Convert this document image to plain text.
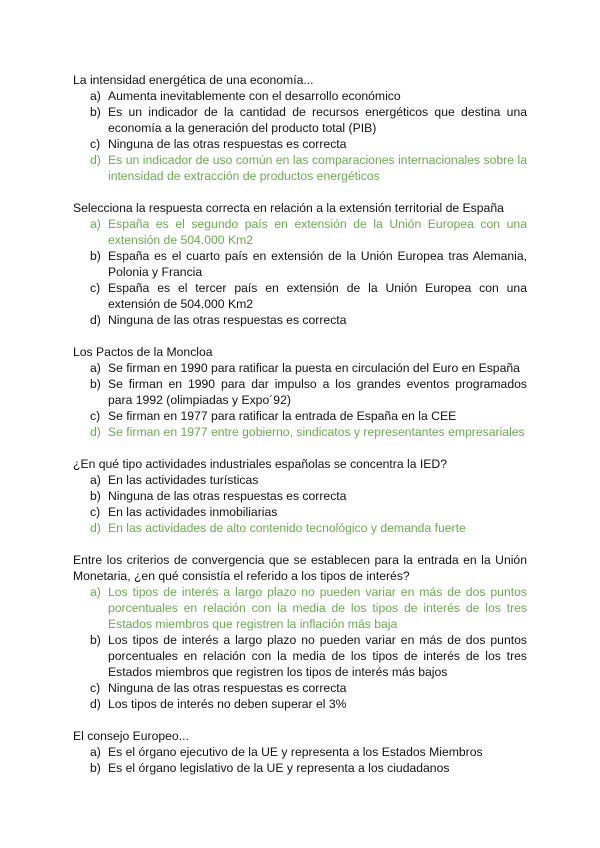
La intensidad energética de una economía...
a) Aumenta inevitablemente con el desarrollo económico
b) Es un indicador de la cantidad de recursos energéticos que destina una economía a la generación del producto total (PIB)
c) Ninguna de las otras respuestas es correcta
d) Es un indicador de uso común en las comparaciones internacionales sobre la intensidad de extracción de productos energéticos
Selecciona la respuesta correcta en relación a la extensión territorial de España
a) España es el segundo país en extensión de la Unión Europea con una extensión de 504.000 Km2
b) España es el cuarto país en extensión de la Unión Europea tras Alemania, Polonia y Francia
c) España es el tercer país en extensión de la Unión Europea con una extensión de 504.000 Km2
d) Ninguna de las otras respuestas es correcta
Los Pactos de la Moncloa
a) Se firman en 1990 para ratificar la puesta en circulación del Euro en España
b) Se firman en 1990 para dar impulso a los grandes eventos programados para 1992 (olimpiadas y Expo´92)
c) Se firman en 1977 para ratificar la entrada de España en la CEE
d) Se firman en 1977 entre gobierno, sindicatos y representantes empresariales
¿En qué tipo actividades industriales españolas se concentra la IED?
a) En las actividades turísticas
b) Ninguna de las otras respuestas es correcta
c) En las actividades inmobiliarias
d) En las actividades de alto contenido tecnológico y demanda fuerte
Entre los criterios de convergencia que se establecen para la entrada en la Unión Monetaria, ¿en qué consistía el referido a los tipos de interés?
a) Los tipos de interés a largo plazo no pueden variar en más de dos puntos porcentuales en relación con la media de los tipos de interés de los tres Estados miembros que registren la inflación más baja
b) Los tipos de interés a largo plazo no pueden variar en más de dos puntos porcentuales en relación con la media de los tipos de interés de los tres Estados miembros que registren los tipos de interés más bajos
c) Ninguna de las otras respuestas es correcta
d) Los tipos de interés no deben superar el 3%
El consejo Europeo...
a) Es el órgano ejecutivo de la UE y representa a los Estados Miembros
b) Es el órgano legislativo de la UE y representa a los ciudadanos
